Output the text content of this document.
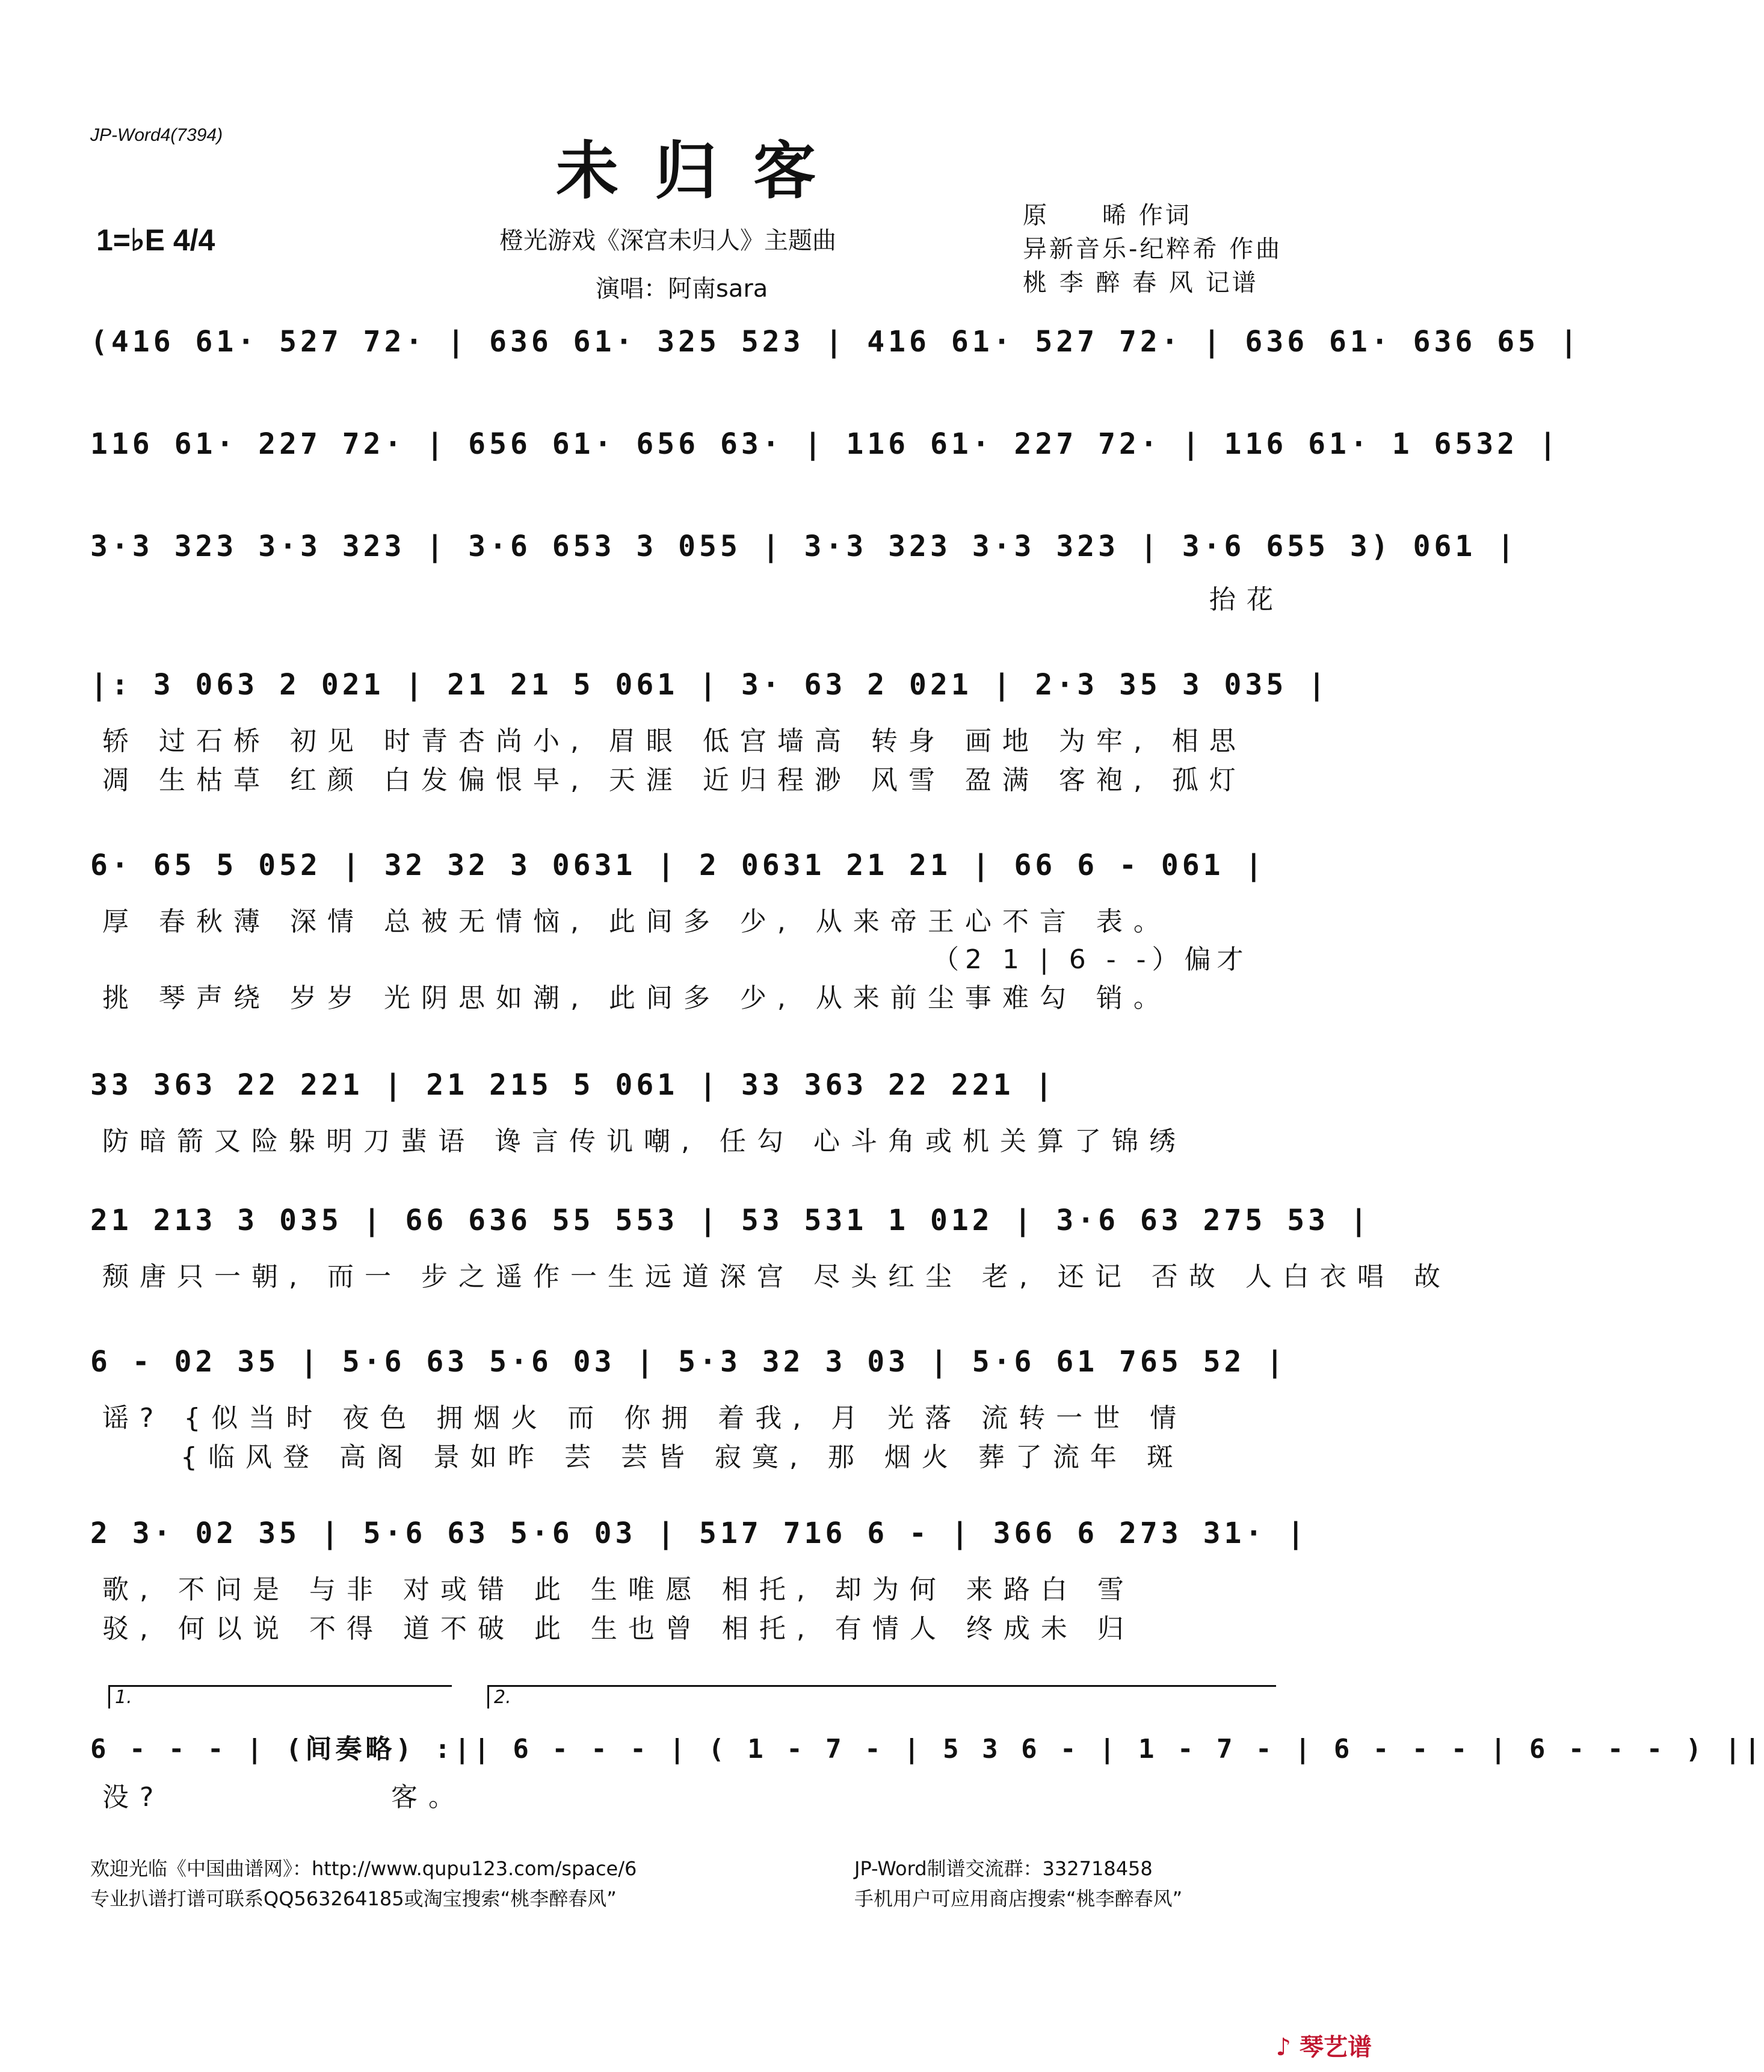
JP-Word4(7394)	未归客
1=♭E 4/4	橙光游戏《深宫未归人》主题曲
演唱：阿南sara
原　　晞 作词
异新音乐-纪粹希 作曲
桃 李 醉 春 风 记谱
(416 61· 527 72· | 636 61· 325 523 | 416 61· 527 72· | 636 61· 636 65 |
116 61· 227 72· | 656 61· 656 63· | 116 61· 227 72· | 116 61· 1 6532 |
3·3 323 3·3 323 | 3·6 653 3 055 | 3·3 323 3·3 323 | 3·6 655 3) 061 |
抬花
|: 3 063 2 021 | 21 21 5 061 | 3· 63 2 021 | 2·3 35 3 035 |
轿 过石桥 初见 时青杏尚小, 眉眼 低宫墙高 转身 画地 为牢, 相思
凋 生枯草 红颜 白发偏恨早, 天涯 近归程渺 风雪 盈满 客袍, 孤灯
6· 65 5 052 | 32 32 3 0631 | 2 0631 21 21 | 66 6 - 061 |
厚 春秋薄 深情 总被无情恼, 此间多 少, 从来帝王心不言 表。
（2 1 | 6 - -）偏才
挑 琴声绕 岁岁 光阴思如潮, 此间多 少, 从来前尘事难勾 销。
33 363 22 221 | 21 215 5 061 | 33 363 22 221 |
防暗箭又险躲明刀蜚语 谗言传讥嘲, 任勾 心斗角或机关算了锦绣
21 213 3 035 | 66 636 55 553 | 53 531 1 012 | 3·6 63 275 53 |
颓唐只一朝, 而一 步之遥作一生远道深宫 尽头红尘 老, 还记 否故 人白衣唱 故
6 - 02 35 | 5·6 63 5·6 03 | 5·3 32 3 03 | 5·6 61 765 52 |
谣? {似当时 夜色 拥烟火 而 你拥 着我, 月 光落 流转一世 情
{临风登 高阁 景如昨 芸 芸皆 寂寞, 那 烟火 葬了流年 斑
2 3· 02 35 | 5·6 63 5·6 03 | 517 716 6 - | 366 6 273 31· |
歌, 不问是 与非 对或错 此 生唯愿 相托, 却为何 来路白 雪
驳, 何以说 不得 道不破 此 生也曾 相托, 有情人 终成未 归
1.	2.
6 - - - | (间奏略) :|| 6 - - - | ( 1 - 7 - | 5 3 6 - | 1 - 7 - | 6 - - - | 6 - - - ) ||
没?	客。
欢迎光临《中国曲谱网》：http://www.qupu123.com/space/6
专业扒谱打谱可联系QQ563264185或淘宝搜索“桃李醉春风”
JP-Word制谱交流群：332718458
手机用户可应用商店搜索“桃李醉春风”
♪ 琴艺谱
